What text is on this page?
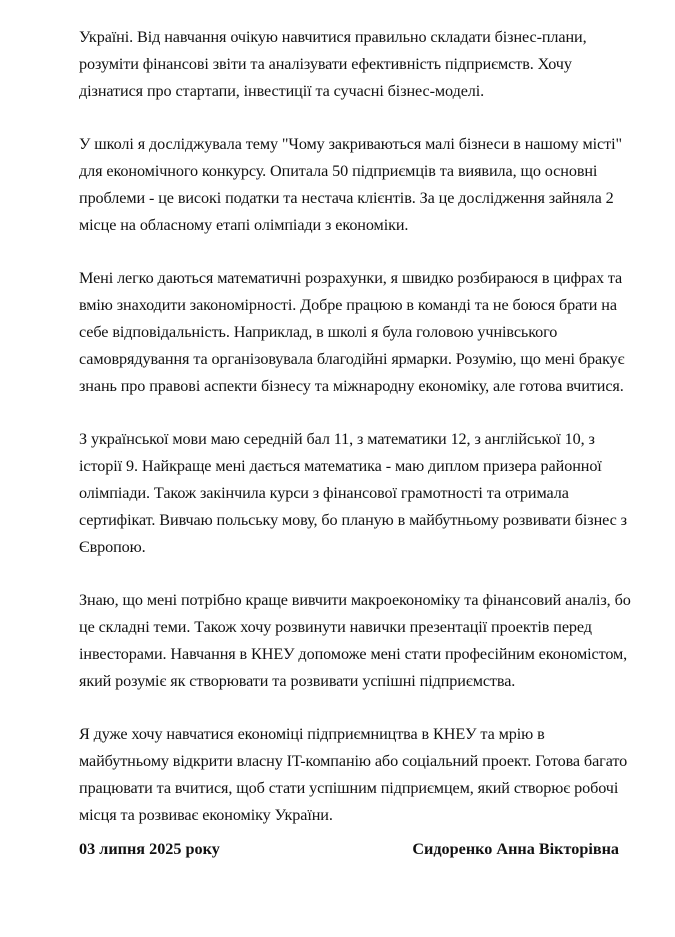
Україні. Від навчання очікую навчитися правильно складати бізнес-плани, розуміти фінансові звіти та аналізувати ефективність підприємств. Хочу дізнатися про стартапи, інвестиції та сучасні бізнес-моделі.

У школі я досліджувала тему "Чому закриваються малі бізнеси в нашому місті" для економічного конкурсу. Опитала 50 підприємців та виявила, що основні проблеми - це високі податки та нестача клієнтів. За це дослідження зайняла 2 місце на обласному етапі олімпіади з економіки.

Мені легко даються математичні розрахунки, я швидко розбираюся в цифрах та вмію знаходити закономірності. Добре працюю в команді та не боюся брати на себе відповідальність. Наприклад, в школі я була головою учнівського самоврядування та організовувала благодійні ярмарки. Розумію, що мені бракує знань про правові аспекти бізнесу та міжнародну економіку, але готова вчитися.

З української мови маю середній бал 11, з математики 12, з англійської 10, з історії 9. Найкраще мені дається математика - маю диплом призера районної олімпіади. Також закінчила курси з фінансової грамотності та отримала сертифікат. Вивчаю польську мову, бо планую в майбутньому розвивати бізнес з Європою.

Знаю, що мені потрібно краще вивчити макроекономіку та фінансовий аналіз, бо це складні теми. Також хочу розвинути навички презентації проектів перед інвесторами. Навчання в КНЕУ допоможе мені стати професійним економістом, який розуміє як створювати та розвивати успішні підприємства.

Я дуже хочу навчатися економіці підприємництва в КНЕУ та мрію в майбутньому відкрити власну IT-компанію або соціальний проект. Готова багато працювати та вчитися, щоб стати успішним підприємцем, який створює робочі місця та розвиває економіку України.

03 липня 2025 року	Сидоренко Анна Вікторівна
